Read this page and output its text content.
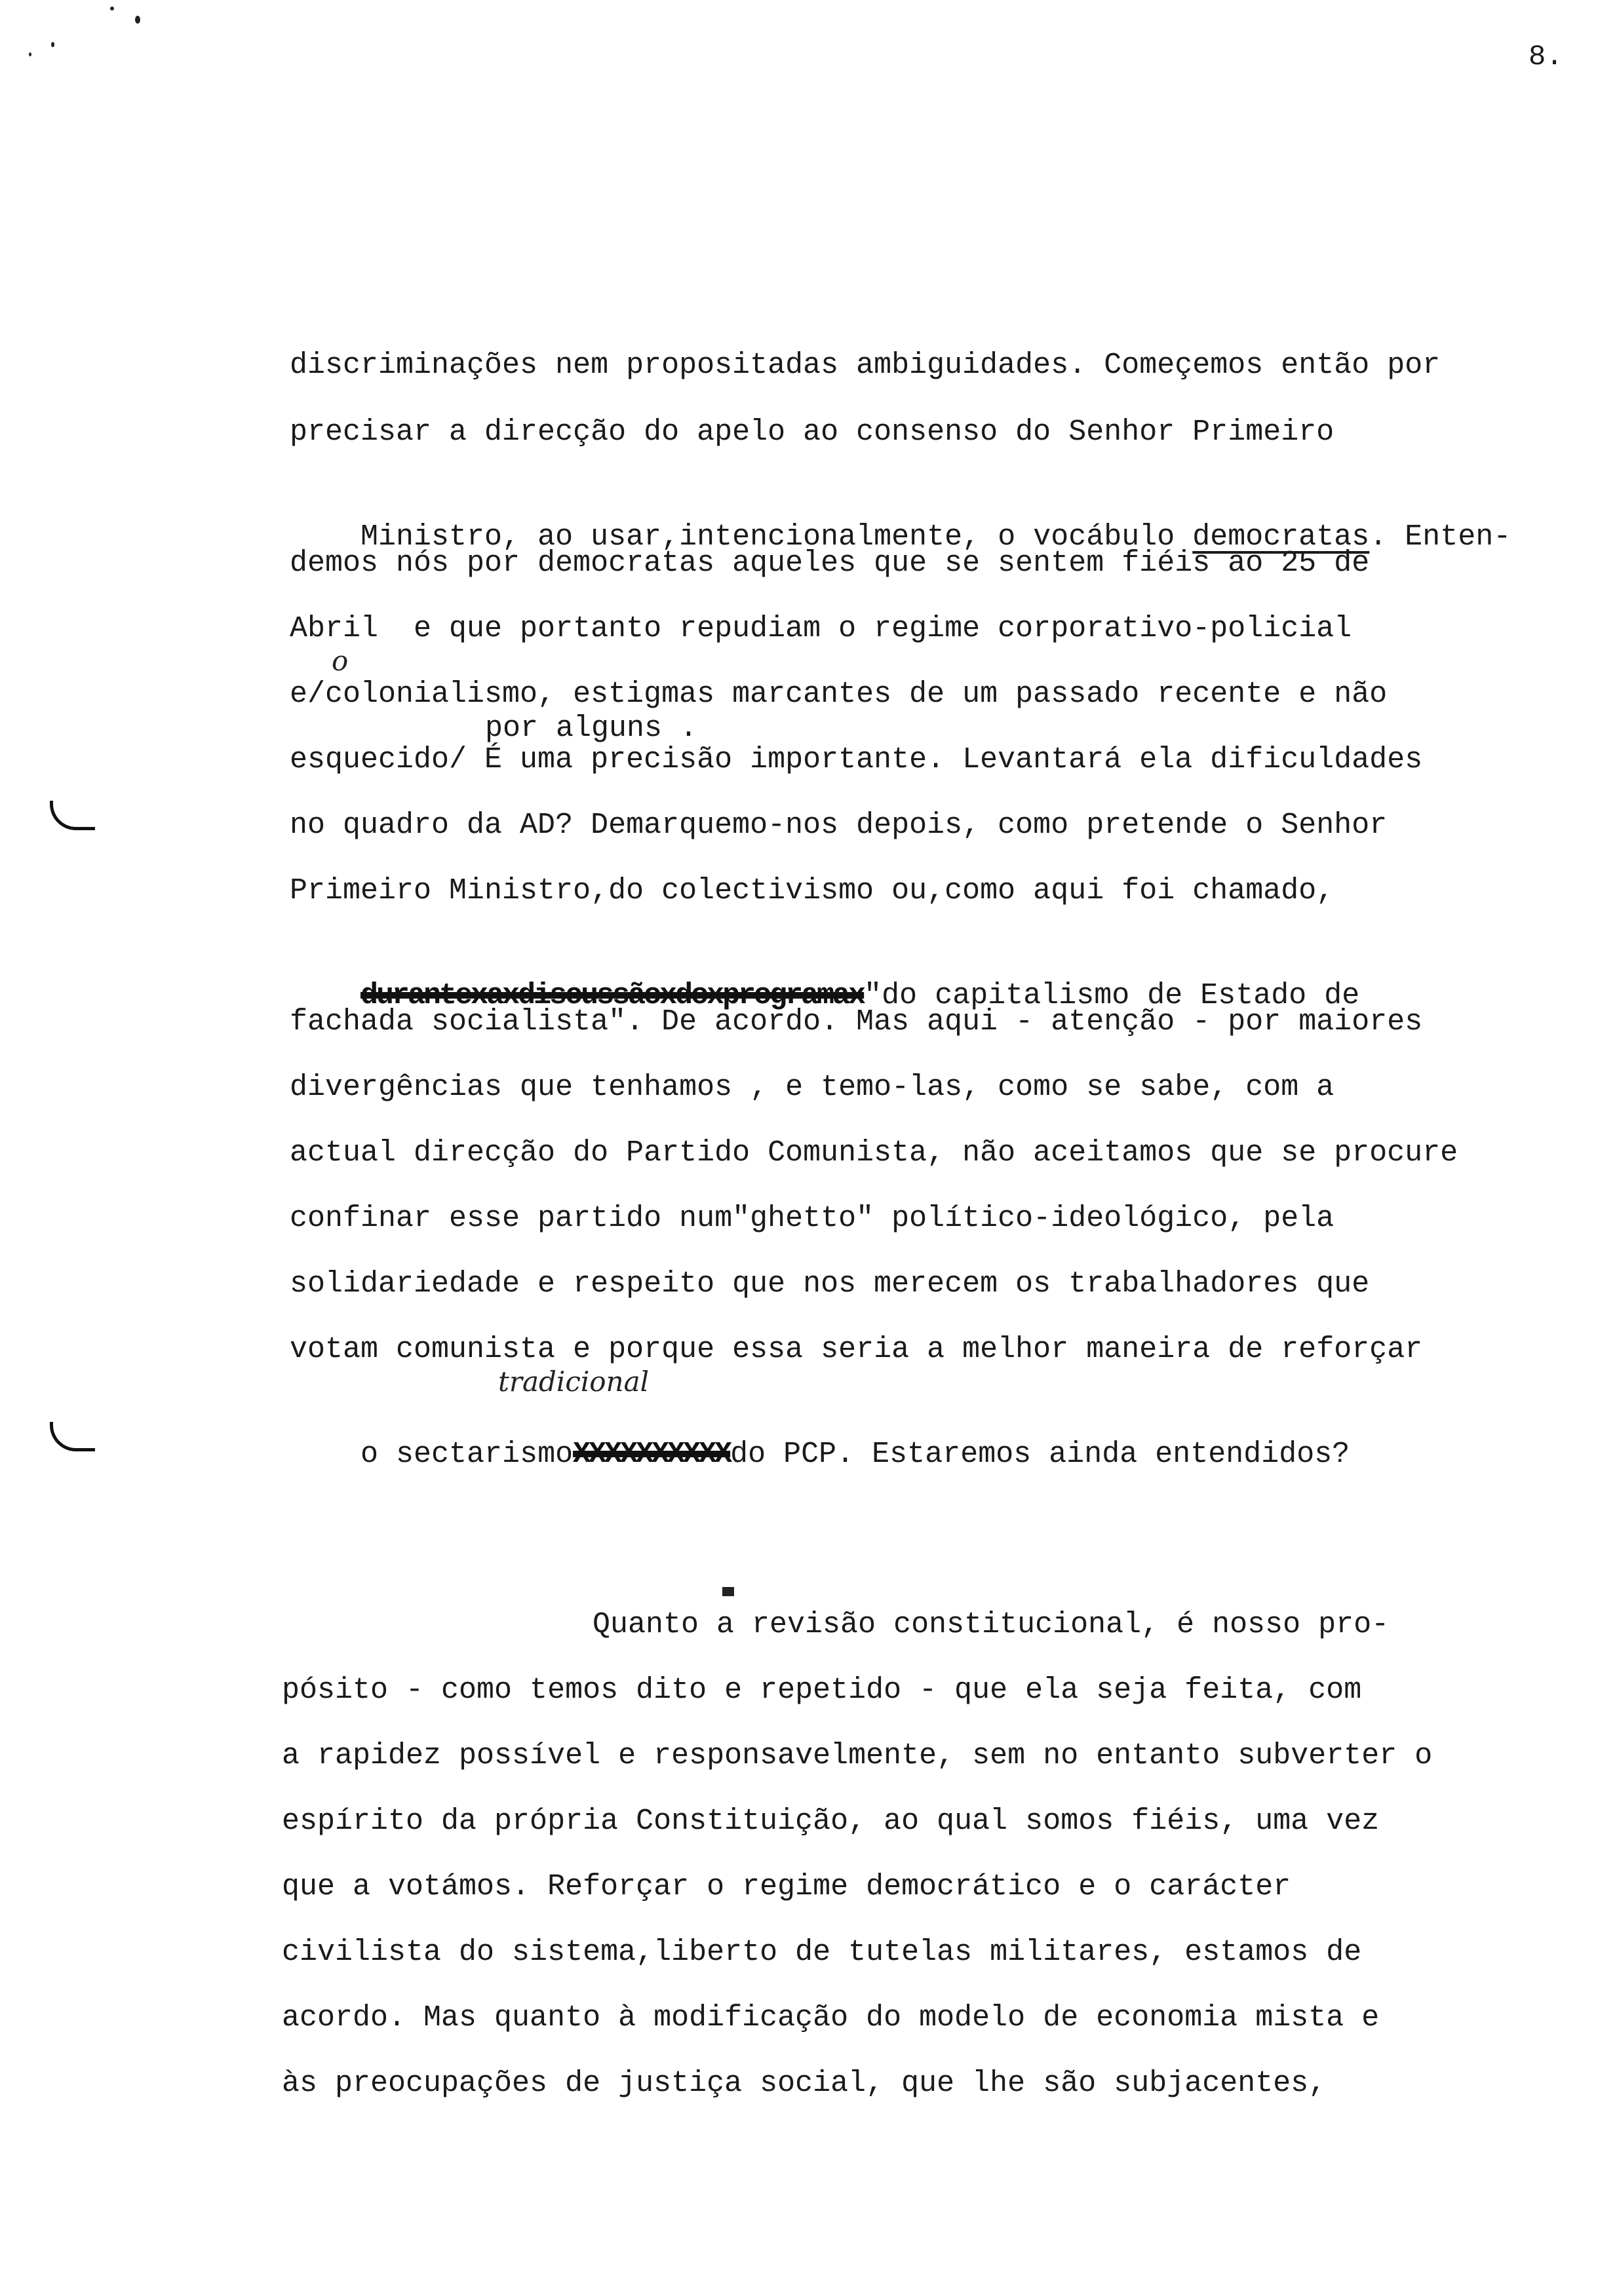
8.
discriminações nem propositadas ambiguidades. Começemos então por
precisar a direcção do apelo ao consenso do Senhor Primeiro

Ministro, ao usar,intencionalmente, o vocábulo democratas. Enten-

demos nós por democratas aqueles que se sentem fiéis ao 25 de
Abril  e que portanto repudiam o regime corporativo-policial
o
e/colonialismo, estigmas marcantes de um passado recente e não
por alguns .
esquecido/ É uma precisão importante. Levantará ela dificuldades
no quadro da AD? Demarquemo-nos depois, como pretende o Senhor
Primeiro Ministro,do colectivismo ou,como aqui foi chamado,

durantexaxdiscussãoxdoxprogramax"do capitalismo de Estado de

fachada socialista". De acordo. Mas aqui - atenção - por maiores
divergências que tenhamos , e temo-las, como se sabe, com a
actual direcção do Partido Comunista, não aceitamos que se procure
confinar esse partido num"ghetto" político-ideológico, pela
solidariedade e respeito que nos merecem os trabalhadores que
votam comunista e porque essa seria a melhor maneira de reforçar
tradicional

o sectarismoXXXXXXXXXXdo PCP. Estaremos ainda entendidos?

Quanto a revisão constitucional, é nosso pro-
pósito - como temos dito e repetido - que ela seja feita, com
a rapidez possível e responsavelmente, sem no entanto subverter o
espírito da própria Constituição, ao qual somos fiéis, uma vez
que a votámos. Reforçar o regime democrático e o carácter
civilista do sistema,liberto de tutelas militares, estamos de
acordo. Mas quanto à modificação do modelo de economia mista e
às preocupações de justiça social, que lhe são subjacentes,
